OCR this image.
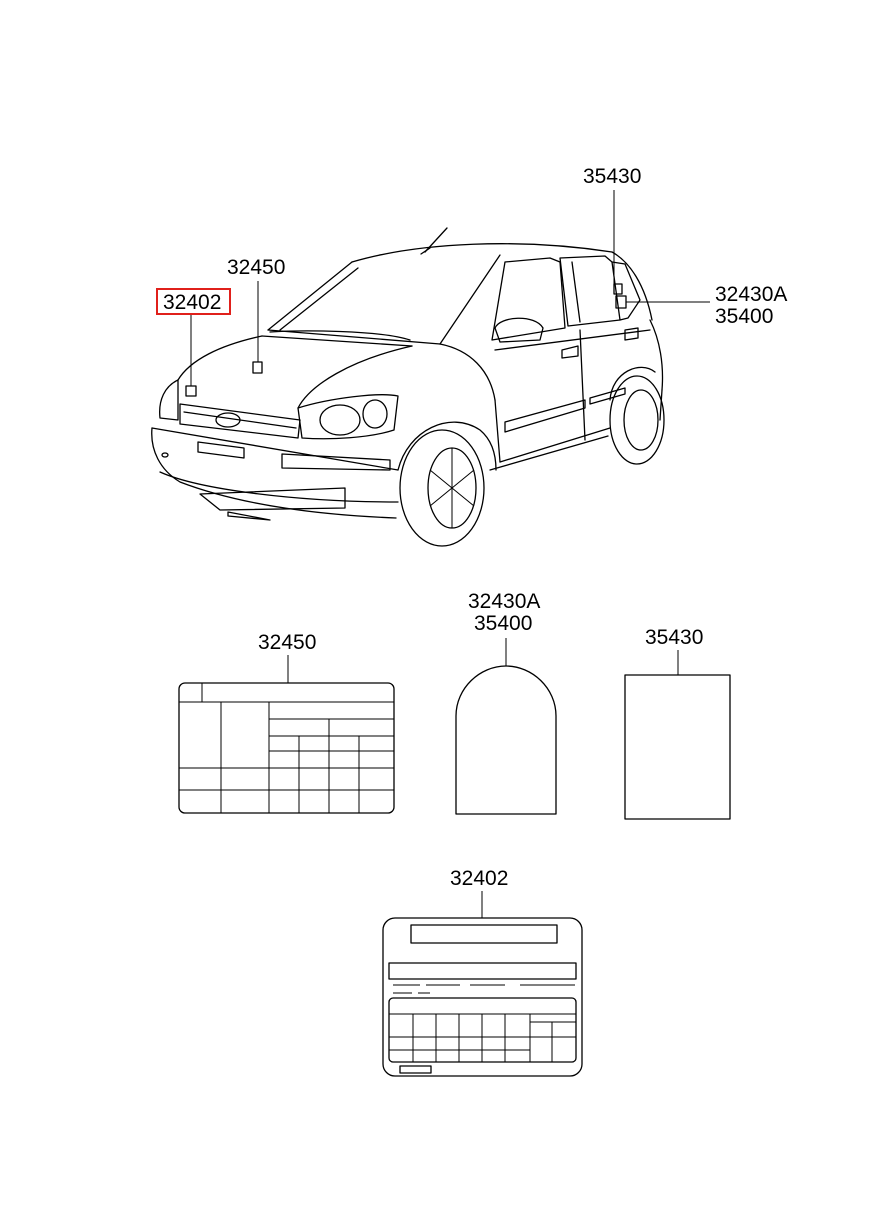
35430
32450
32402	32430A
35400
32450
32430A
35400
35430
32402
